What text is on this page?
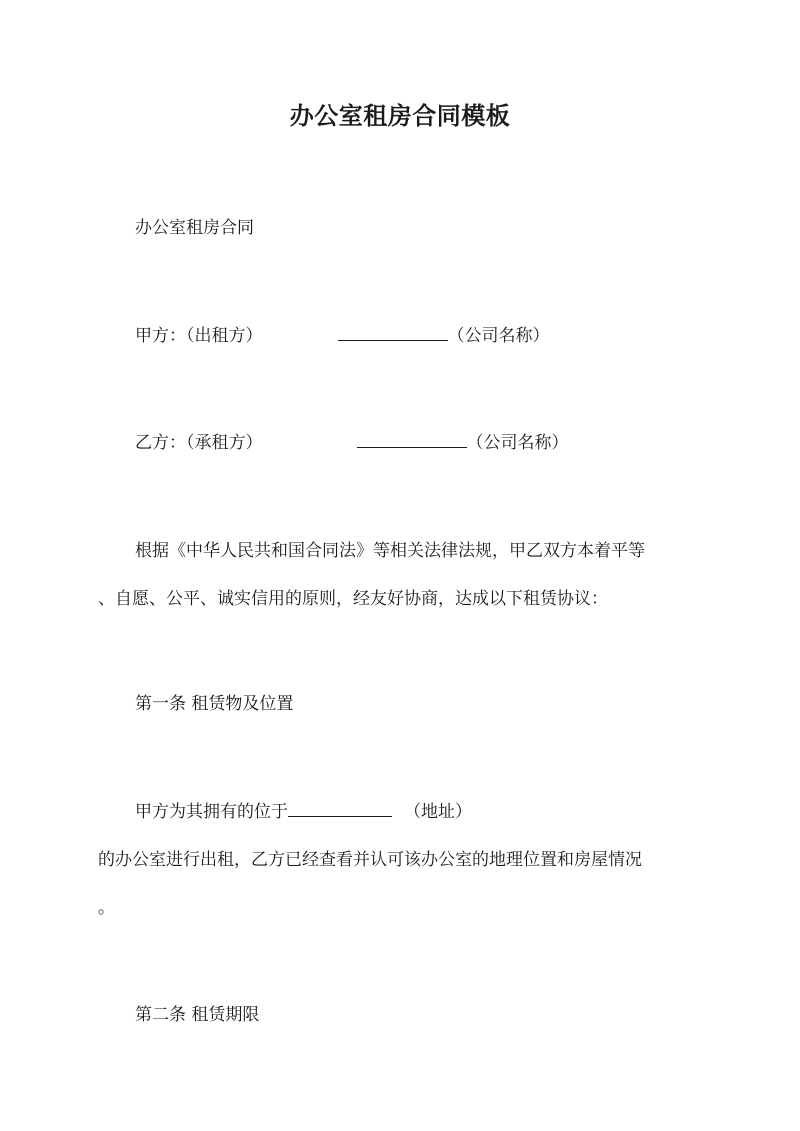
办公室租房合同模板
办公室租房合同
甲方：（出租方）	（公司名称）
乙方：（承租方）	（公司名称）
根据《中华人民共和国合同法》等相关法律法规，甲乙双方本着平等
、自愿、公平、诚实信用的原则，经友好协商，达成以下租赁协议：
第一条 租赁物及位置
甲方为其拥有的位于	（地址）
的办公室进行出租，乙方已经查看并认可该办公室的地理位置和房屋情况
。
第二条 租赁期限
